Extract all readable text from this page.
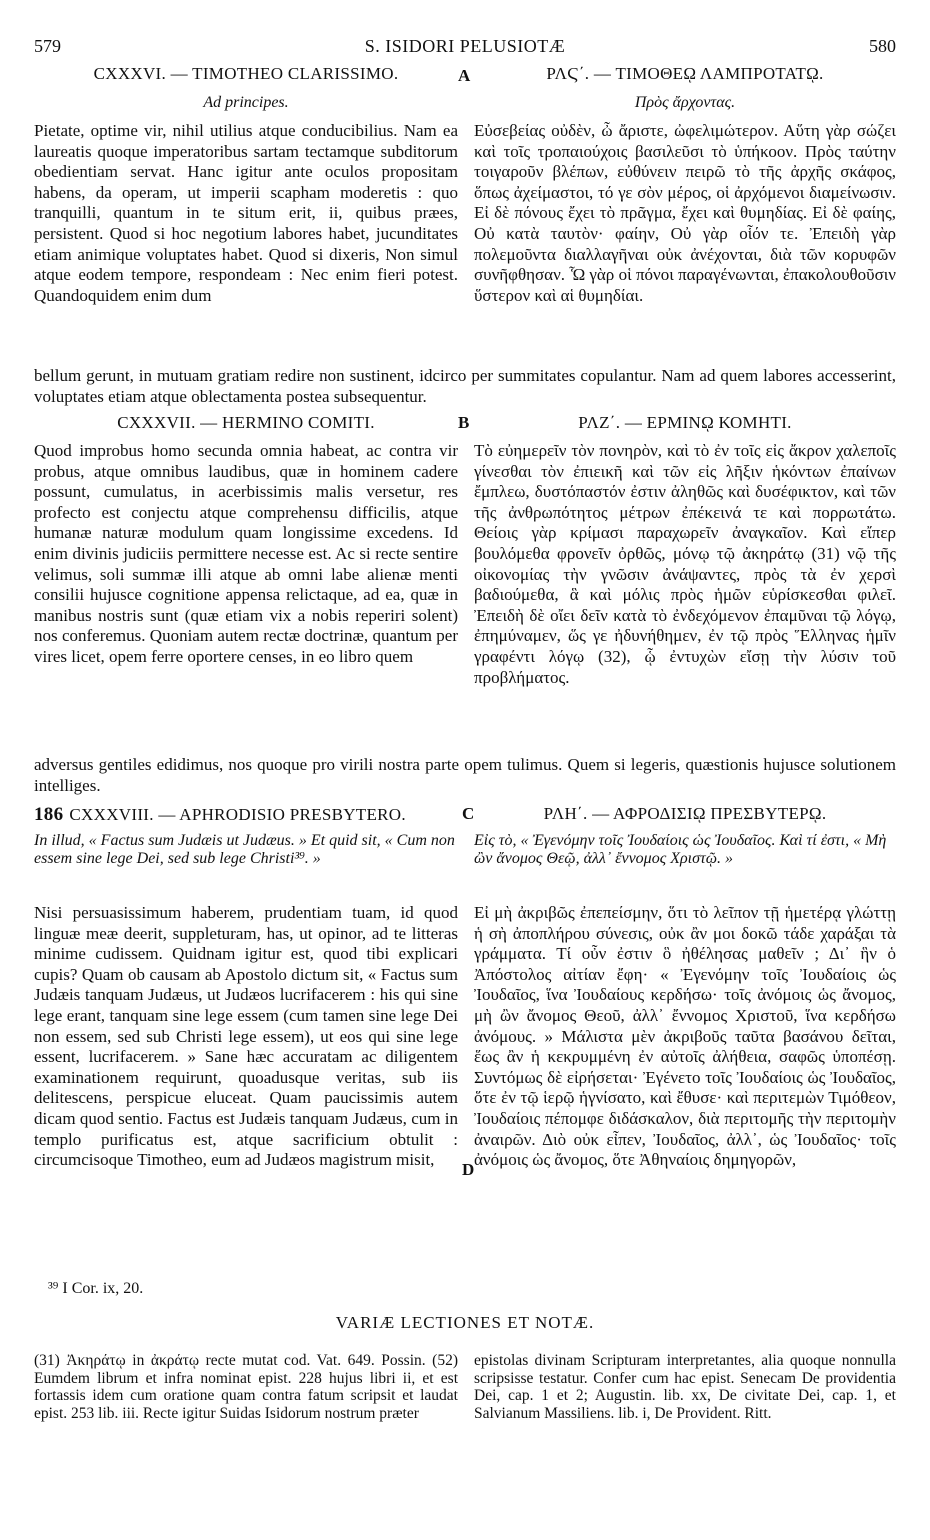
579	S. ISIDORI PELUSIOTÆ	580
CXXXVI. — TIMOTHEO CLARISSIMO.	A	ΡΛϚ΄. — ΤΙΜΟΘΕῼ ΛΑΜΠΡΟΤΑΤῼ.
Ad principes.	Πρὸς ἄρχοντας.
Pietate, optime vir, nihil utilius atque conducibilius. Nam ea laureatis quoque imperatoribus sartam tectamque subditorum obedientiam servat. Hanc igitur ante oculos propositam habens, da operam, ut imperii scapham moderetis : quo tranquilli, quantum in te situm erit, ii, quibus præes, persistent. Quod si hoc negotium labores habet, jucunditates etiam animique voluptates habet. Quod si dixeris, Non simul atque eodem tempore, respondeam : Nec enim fieri potest. Quandoquidem enim dum
Εὐσεβείας οὐδὲν, ὦ ἄριστε, ὠφελιμώτερον. Αὕτη γὰρ σώζει καὶ τοῖς τροπαιούχοις βασιλεῦσι τὸ ὑπήκοον. Πρὸς ταύτην τοιγαροῦν βλέπων, εὐθύνειν πειρῶ τὸ τῆς ἀρχῆς σκάφος, ὅπως ἀχείμαστοι, τό γε σὸν μέρος, οἱ ἀρχόμενοι διαμείνωσιν. Εἰ δὲ πόνους ἔχει τὸ πρᾶγμα, ἔχει καὶ θυμηδίας. Εἰ δὲ φαίης, Οὐ κατὰ ταυτὸν· φαίην, Οὐ γὰρ οἷόν τε. Ἐπειδὴ γὰρ πολεμοῦντα διαλλαγῆναι οὐκ ἀνέχονται, διὰ τῶν κορυφῶν συνῆφθησαν. Ὧ γὰρ οἱ πόνοι παραγένωνται, ἐπακολουθοῦσιν ὕστερον καὶ αἱ θυμηδίαι.
bellum gerunt, in mutuam gratiam redire non sustinent, idcirco per summitates copulantur. Nam ad quem labores accesserint, voluptates etiam atque oblectamenta postea subsequentur.
CXXXVII. — HERMINO COMITI.	B	ΡΛΖ΄. — ΕΡΜΙΝῼ ΚΟΜΗΤΙ.
Quod improbus homo secunda omnia habeat, ac contra vir probus, atque omnibus laudibus, quæ in hominem cadere possunt, cumulatus, in acerbissimis malis versetur, res profecto est conjectu atque comprehensu difficilis, atque humanæ naturæ modulum quam longissime excedens. Id enim divinis judiciis permittere necesse est. Ac si recte sentire velimus, soli summæ illi atque ab omni labe alienæ menti consilii hujusce cognitione appensa relictaque, ad ea, quæ in manibus nostris sunt (quæ etiam vix a nobis reperiri solent) nos conferemus. Quoniam autem rectæ doctrinæ, quantum per vires licet, opem ferre oportere censes, in eo libro quem
Τὸ εὐημερεῖν τὸν πονηρὸν, καὶ τὸ ἐν τοῖς εἰς ἄκρον χαλεποῖς γίνεσθαι τὸν ἐπιεικῆ καὶ τῶν εἰς λῆξιν ἡκόντων ἐπαίνων ἔμπλεω, δυστόπαστόν ἐστιν ἀληθῶς καὶ δυσέφικτον, καὶ τῶν τῆς ἀνθρωπότητος μέτρων ἐπέκεινά τε καὶ πορρωτάτω. Θείοις γὰρ κρίμασι παραχωρεῖν ἀναγκαῖον. Καὶ εἴπερ βουλόμεθα φρονεῖν ὀρθῶς, μόνῳ τῷ ἀκηράτῳ (31) νῷ τῆς οἰκονομίας τὴν γνῶσιν ἀνάψαντες, πρὸς τὰ ἐν χερσὶ βαδιούμεθα, ἃ καὶ μόλις πρὸς ἡμῶν εὑρίσκεσθαι φιλεῖ. Ἐπειδὴ δὲ οἴει δεῖν κατὰ τὸ ἐνδεχόμενον ἐπαμῦναι τῷ λόγῳ, ἐπημύναμεν, ὥς γε ἠδυνήθημεν, ἐν τῷ πρὸς Ἕλληνας ἡμῖν γραφέντι λόγῳ (32), ᾧ ἐντυχὼν εἴσῃ τὴν λύσιν τοῦ προβλήματος.
adversus gentiles edidimus, nos quoque pro virili nostra parte opem tulimus. Quem si legeris, quæstionis hujusce solutionem intelliges.
186 CXXXVIII. — APHRODISIO PRESBYTERO.	C	ΡΛΗ΄. — ΑΦΡΟΔΙΣΙῼ ΠΡΕΣΒΥΤΕΡῼ.
In illud, « Factus sum Judæis ut Judæus. » Et quid sit, « Cum non essem sine lege Dei, sed sub lege Christi³⁹. »
Εἰς τὸ, « Ἐγενόμην τοῖς Ἰουδαίοις ὡς Ἰουδαῖος. Καὶ τί ἐστι, « Μὴ ὢν ἄνομος Θεῷ, ἀλλ᾽ ἔννομος Χριστῷ. »
Nisi persuasissimum haberem, prudentiam tuam, id quod linguæ meæ deerit, suppleturam, has, ut opinor, ad te litteras minime cudissem. Quidnam igitur est, quod tibi explicari cupis? Quam ob causam ab Apostolo dictum sit, « Factus sum Judæis tanquam Judæus, ut Judæos lucrifacerem : his qui sine lege erant, tanquam sine lege essem (cum tamen sine lege Dei non essem, sed sub Christi lege essem), ut eos qui sine lege essent, lucrifacerem. » Sane hæc accuratam ac diligentem examinationem requirunt, quoadusque veritas, sub iis delitescens, perspicue eluceat. Quam paucissimis autem dicam quod sentio. Factus est Judæis tanquam Judæus, cum in templo purificatus est, atque sacrificium obtulit : circumcisoque Timotheo, eum ad Judæos magistrum misit,
D
Εἰ μὴ ἀκριβῶς ἐπεπείσμην, ὅτι τὸ λεῖπον τῇ ἡμετέρᾳ γλώττῃ ἡ σὴ ἀποπλήρου σύνεσις, οὐκ ἂν μοι δοκῶ τάδε χαράξαι τὰ γράμματα. Τί οὖν ἐστιν ὃ ἠθέλησας μαθεῖν ; Δι᾽ ἣν ὁ Ἀπόστολος αἰτίαν ἔφη· « Ἐγενόμην τοῖς Ἰουδαίοις ὡς Ἰουδαῖος, ἵνα Ἰουδαίους κερδήσω· τοῖς ἀνόμοις ὡς ἄνομος, μὴ ὢν ἄνομος Θεοῦ, ἀλλ᾽ ἔννομος Χριστοῦ, ἵνα κερδήσω ἀνόμους. » Μάλιστα μὲν ἀκριβοῦς ταῦτα βασάνου δεῖται, ἕως ἂν ἡ κεκρυμμένη ἐν αὐτοῖς ἀλήθεια, σαφῶς ὑποπέσῃ. Συντόμως δὲ εἰρήσεται· Ἐγένετο τοῖς Ἰουδαίοις ὡς Ἰουδαῖος, ὅτε ἐν τῷ ἱερῷ ἡγνίσατο, καὶ ἔθυσε· καὶ περιτεμὼν Τιμόθεον, Ἰουδαίοις πέπομφε διδάσκαλον, διὰ περιτομῆς τὴν περιτομὴν ἀναιρῶν. Διὸ οὐκ εἶπεν, Ἰουδαῖος, ἀλλ᾽, ὡς Ἰουδαῖος· τοῖς ἀνόμοις ὡς ἄνομος, ὅτε Ἀθηναίοις δημηγορῶν,
³⁹ I Cor. ix, 20.
VARIÆ LECTIONES ET NOTÆ.
(31) Ἀκηράτῳ in ἀκράτῳ recte mutat cod. Vat. 649. Possin. (52) Eumdem librum et infra nominat epist. 228 hujus libri ii, et est fortassis idem cum oratione quam contra fatum scripsit et laudat epist. 253 lib. iii. Recte igitur Suidas Isidorum nostrum præter
epistolas divinam Scripturam interpretantes, alia quoque nonnulla scripsisse testatur. Confer cum hac epist. Senecam De providentia Dei, cap. 1 et 2; Augustin. lib. xx, De civitate Dei, cap. 1, et Salvianum Massiliens. lib. i, De Provident. Ritt.
